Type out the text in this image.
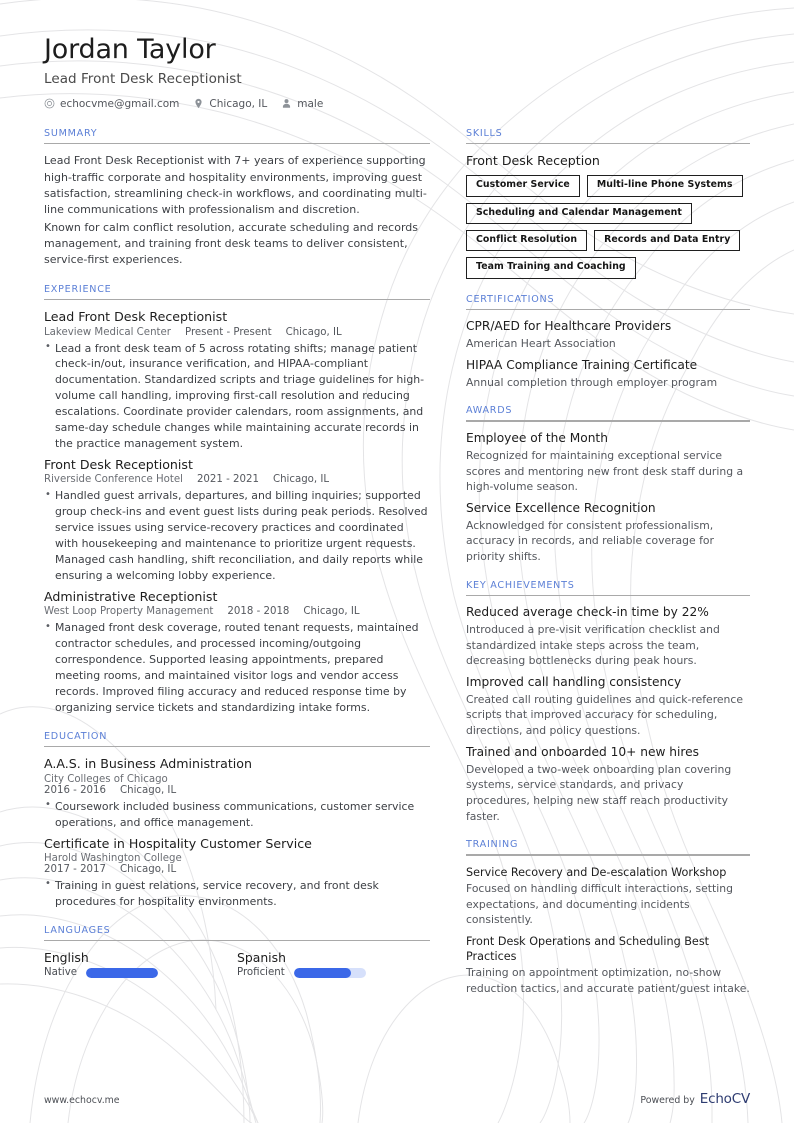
Jordan Taylor
Lead Front Desk Receptionist
echocvme@gmail.com	Chicago, IL	male
SUMMARY

Lead Front Desk Receptionist with 7+ years of experience supporting high-traffic corporate and hospitality environments, improving guest satisfaction, streamlining check-in workflows, and coordinating multi-line communications with professionalism and discretion.

Known for calm conflict resolution, accurate scheduling and records management, and training front desk teams to deliver consistent, service-first experiences.

EXPERIENCE
Lead Front Desk Receptionist
Lakeview Medical Center Present - Present Chicago, IL
• Lead a front desk team of 5 across rotating shifts; manage patient check-in/out, insurance verification, and HIPAA-compliant documentation. Standardized scripts and triage guidelines for high-volume call handling, improving first-call resolution and reducing escalations. Coordinate provider calendars, room assignments, and same-day schedule changes while maintaining accurate records in the practice management system.
Front Desk Receptionist
Riverside Conference Hotel 2021 - 2021 Chicago, IL
• Handled guest arrivals, departures, and billing inquiries; supported group check-ins and event guest lists during peak periods. Resolved service issues using service-recovery practices and coordinated with housekeeping and maintenance to prioritize urgent requests. Managed cash handling, shift reconciliation, and daily reports while ensuring a welcoming lobby experience.
Administrative Receptionist
West Loop Property Management 2018 - 2018 Chicago, IL
• Managed front desk coverage, routed tenant requests, maintained contractor schedules, and processed incoming/outgoing correspondence. Supported leasing appointments, prepared meeting rooms, and maintained visitor logs and vendor access records. Improved filing accuracy and reduced response time by organizing service tickets and standardizing intake forms.
EDUCATION
A.A.S. in Business Administration
City Colleges of Chicago
2016 - 2016 Chicago, IL
• Coursework included business communications, customer service operations, and office management.
Certificate in Hospitality Customer Service
Harold Washington College
2017 - 2017 Chicago, IL
• Training in guest relations, service recovery, and front desk procedures for hospitality environments.
LANGUAGES
English
Native
Spanish
Proficient
SKILLS
Front Desk Reception
Customer Service	Multi-line Phone Systems
Scheduling and Calendar Management
Conflict Resolution	Records and Data Entry
Team Training and Coaching
CERTIFICATIONS
CPR/AED for Healthcare Providers
American Heart Association
HIPAA Compliance Training Certificate
Annual completion through employer program
AWARDS
Employee of the Month
Recognized for maintaining exceptional service scores and mentoring new front desk staff during a high-volume season.
Service Excellence Recognition
Acknowledged for consistent professionalism, accuracy in records, and reliable coverage for priority shifts.
KEY ACHIEVEMENTS
Reduced average check-in time by 22%
Introduced a pre-visit verification checklist and standardized intake steps across the team, decreasing bottlenecks during peak hours.
Improved call handling consistency
Created call routing guidelines and quick-reference scripts that improved accuracy for scheduling, directions, and policy questions.
Trained and onboarded 10+ new hires
Developed a two-week onboarding plan covering systems, service standards, and privacy procedures, helping new staff reach productivity faster.
TRAINING
Service Recovery and De-escalation Workshop
Focused on handling difficult interactions, setting expectations, and documenting incidents consistently.
Front Desk Operations and Scheduling Best Practices
Training on appointment optimization, no-show reduction tactics, and accurate patient/guest intake.
www.echocv.me	Powered by EchoCV
